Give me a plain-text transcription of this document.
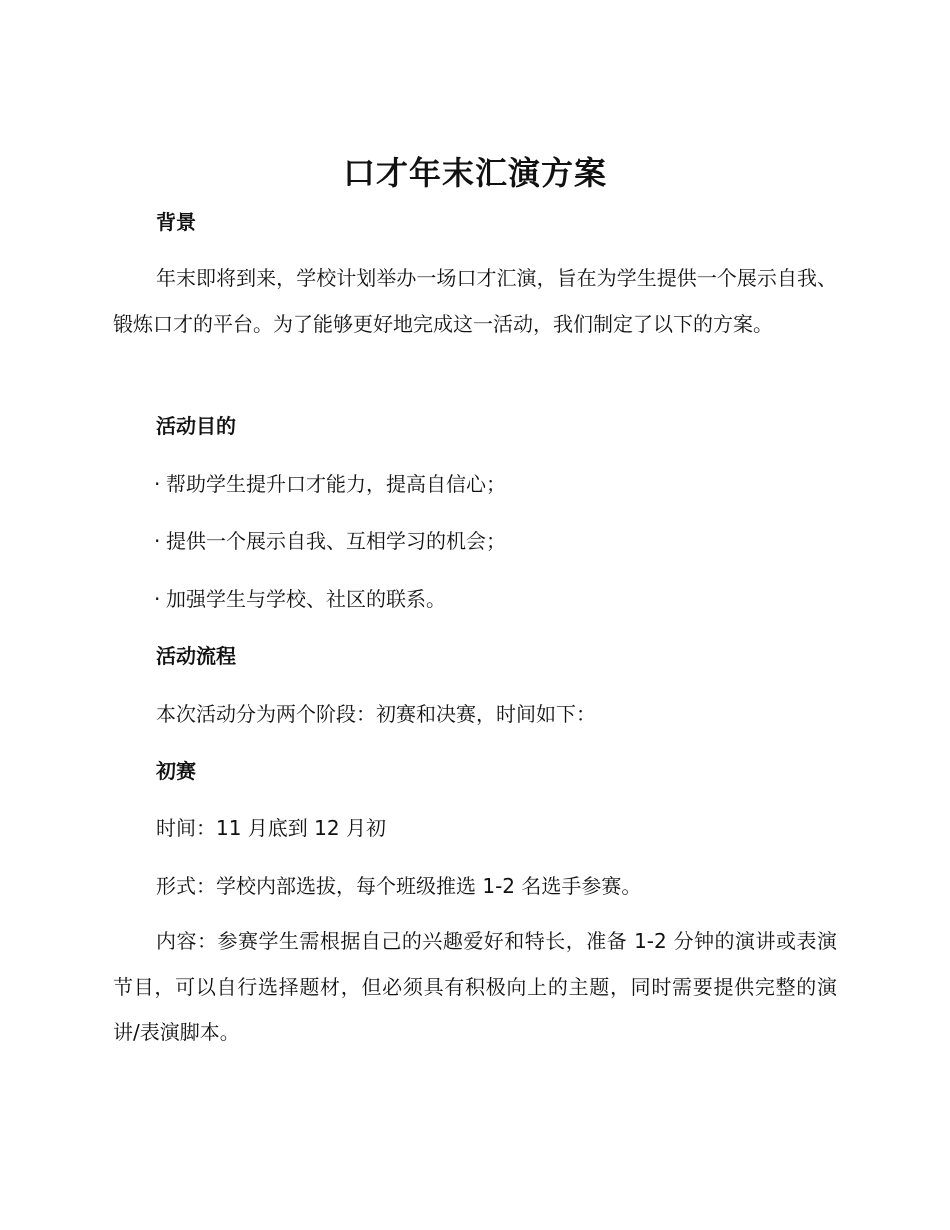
口才年末汇演方案
背景
年末即将到来，学校计划举办一场口才汇演，旨在为学生提供一个展示自我、锻炼口才的平台。为了能够更好地完成这一活动，我们制定了以下的方案。
活动目的
· 帮助学生提升口才能力，提高自信心；
· 提供一个展示自我、互相学习的机会；
· 加强学生与学校、社区的联系。
活动流程
本次活动分为两个阶段：初赛和决赛，时间如下：
初赛
时间：11 月底到 12 月初
形式：学校内部选拔，每个班级推选 1-2 名选手参赛。
内容：参赛学生需根据自己的兴趣爱好和特长，准备 1-2 分钟的演讲或表演节目，可以自行选择题材，但必须具有积极向上的主题，同时需要提供完整的演讲/表演脚本。
